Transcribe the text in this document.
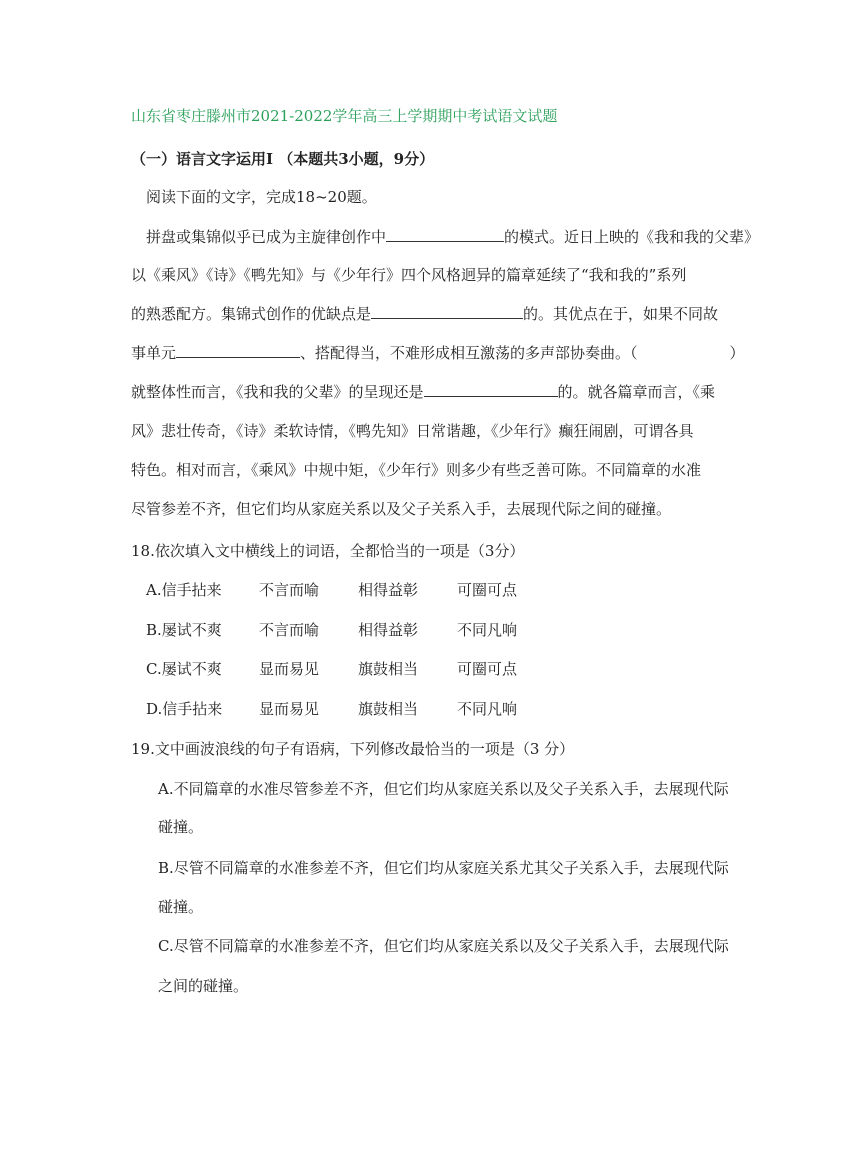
山东省枣庄滕州市2021-2022学年高三上学期期中考试语文试题
（一）语言文字运用Ⅰ （本题共3小题，9分）
阅读下面的文字，完成18~20题。
拼盘或集锦似乎已成为主旋律创作中	的模式。近日上映的《我和我的父辈》
以《乘风》《诗》《鸭先知》与《少年行》四个风格迥异的篇章延续了“我和我的”系列
的熟悉配方。集锦式创作的优缺点是	的。其优点在于，如果不同故
事单元	、搭配得当，不难形成相互激荡的多声部协奏曲。（	）
就整体性而言，《我和我的父辈》的呈现还是	的。就各篇章而言，《乘
风》悲壮传奇，《诗》柔软诗情，《鸭先知》日常谐趣，《少年行》癫狂闹剧，可谓各具
特色。相对而言，《乘风》中规中矩，《少年行》则多少有些乏善可陈。不同篇章的水准
尽管参差不齐，但它们均从家庭关系以及父子关系入手，去展现代际之间的碰撞。
18.依次填入文中横线上的词语，全都恰当的一项是（3分）
A.信手拈来 不言而喻	相得益彰	可圈可点
B.屡试不爽 不言而喻	相得益彰	不同凡响
C.屡试不爽 显而易见	旗鼓相当	可圈可点
D.信手拈来 显而易见	旗鼓相当	不同凡响
19.文中画波浪线的句子有语病，下列修改最恰当的一项是（3 分）
A.不同篇章的水准尽管参差不齐，但它们均从家庭关系以及父子关系入手，去展现代际
碰撞。
B.尽管不同篇章的水准参差不齐，但它们均从家庭关系尤其父子关系入手，去展现代际
碰撞。
C.尽管不同篇章的水准参差不齐，但它们均从家庭关系以及父子关系入手，去展现代际
之间的碰撞。
